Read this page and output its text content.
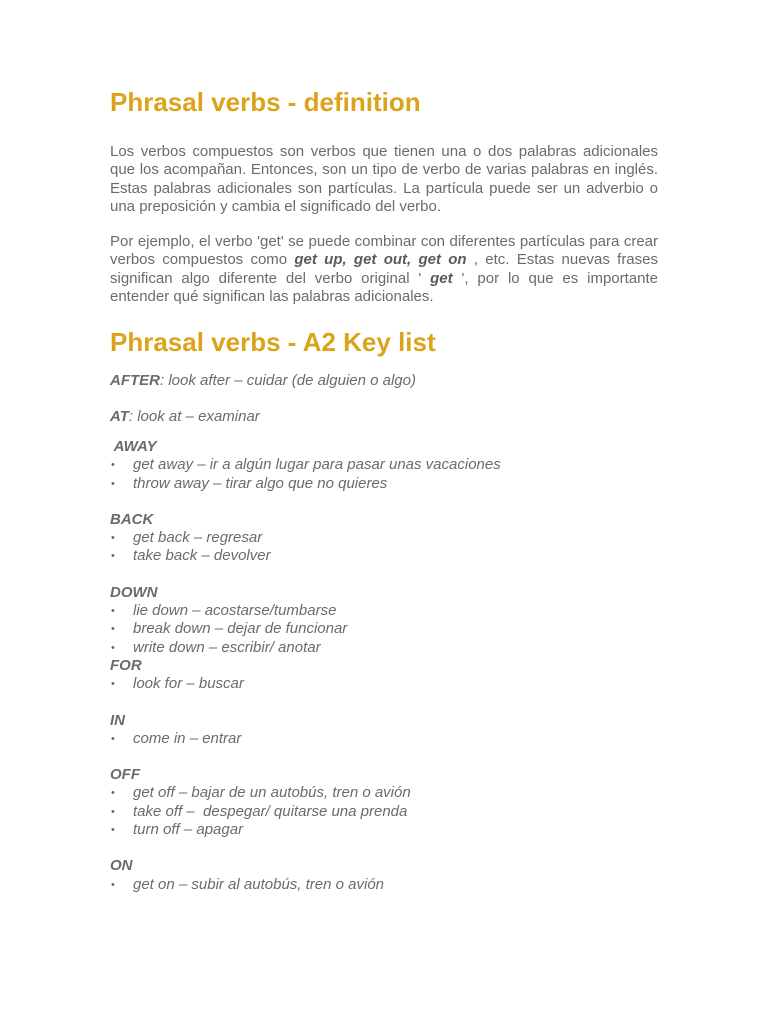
Phrasal verbs - definition

Los verbos compuestos son verbos que tienen una o dos palabras adicionales que los acompañan. Entonces, son un tipo de verbo de varias palabras en inglés. Estas palabras adicionales son partículas. La partícula puede ser un adverbio o una preposición y cambia el significado del verbo.

Por ejemplo, el verbo 'get' se puede combinar con diferentes partículas para crear verbos compuestos como get up, get out, get on , etc. Estas nuevas frases significan algo diferente del verbo original ' get ', por lo que es importante entender qué significan las palabras adicionales.

Phrasal verbs - A2 Key list

AFTER: look after – cuidar (de alguien o algo)

AT: look at – examinar

AWAY

• get away – ir a algún lugar para pasar unas vacaciones
• throw away – tirar algo que no quieres

BACK

• get back – regresar
• take back – devolver

DOWN

• lie down – acostarse/tumbarse
• break down – dejar de funcionar
• write down – escribir/ anotar

FOR

• look for – buscar

IN

• come in – entrar

OFF

• get off – bajar de un autobús, tren o avión
• take off –  despegar/ quitarse una prenda
• turn off – apagar

ON

• get on – subir al autobús, tren o avión
